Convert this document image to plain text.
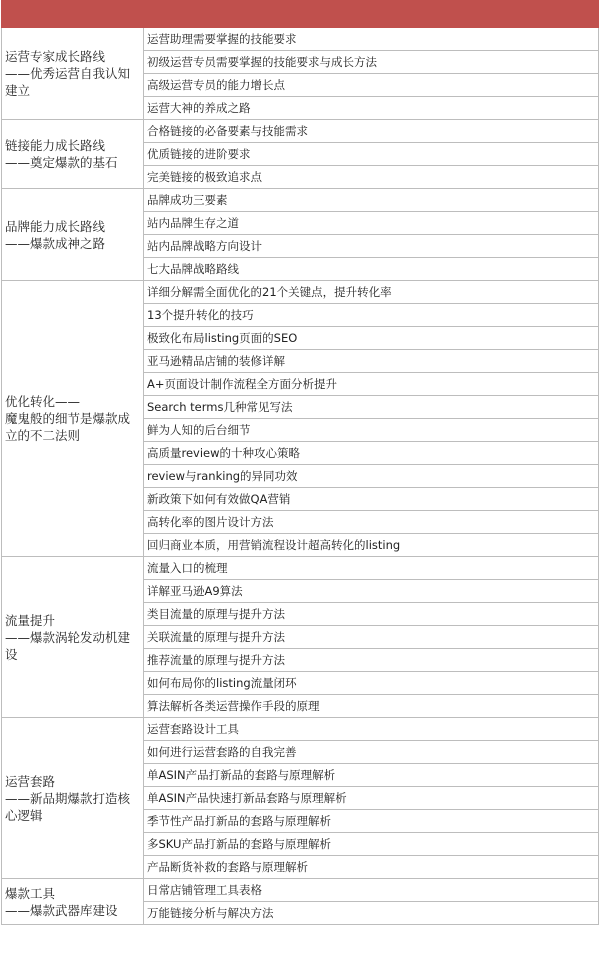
运营专家成长路线
——优秀运营自我认知建立	运营助理需要掌握的技能要求
	初级运营专员需要掌握的技能要求与成长方法
	高级运营专员的能力增长点
	运营大神的养成之路

链接能力成长路线
——奠定爆款的基石	合格链接的必备要素与技能需求
	优质链接的进阶要求
	完美链接的极致追求点

品牌能力成长路线
——爆款成神之路	品牌成功三要素
	站内品牌生存之道
	站内品牌战略方向设计
	七大品牌战略路线

优化转化——
魔鬼般的细节是爆款成立的不二法则	详细分解需全面优化的21个关键点，提升转化率
	13个提升转化的技巧
	极致化布局listing页面的SEO
	亚马逊精品店铺的装修详解
	A+页面设计制作流程全方面分析提升
	Search terms几种常见写法
	鲜为人知的后台细节
	高质量review的十种攻心策略
	review与ranking的异同功效
	新政策下如何有效做QA营销
	高转化率的图片设计方法
	回归商业本质，用营销流程设计超高转化的listing

流量提升
——爆款涡轮发动机建设	流量入口的梳理
	详解亚马逊A9算法
	类目流量的原理与提升方法
	关联流量的原理与提升方法
	推荐流量的原理与提升方法
	如何布局你的listing流量闭环
	算法解析各类运营操作手段的原理

运营套路
——新品期爆款打造核心逻辑	运营套路设计工具
	如何进行运营套路的自我完善
	单ASIN产品打新品的套路与原理解析
	单ASIN产品快速打新品套路与原理解析
	季节性产品打新品的套路与原理解析
	多SKU产品打新品的套路与原理解析
	产品断货补救的套路与原理解析

爆款工具
——爆款武器库建设	日常店铺管理工具表格
	万能链接分析与解决方法
